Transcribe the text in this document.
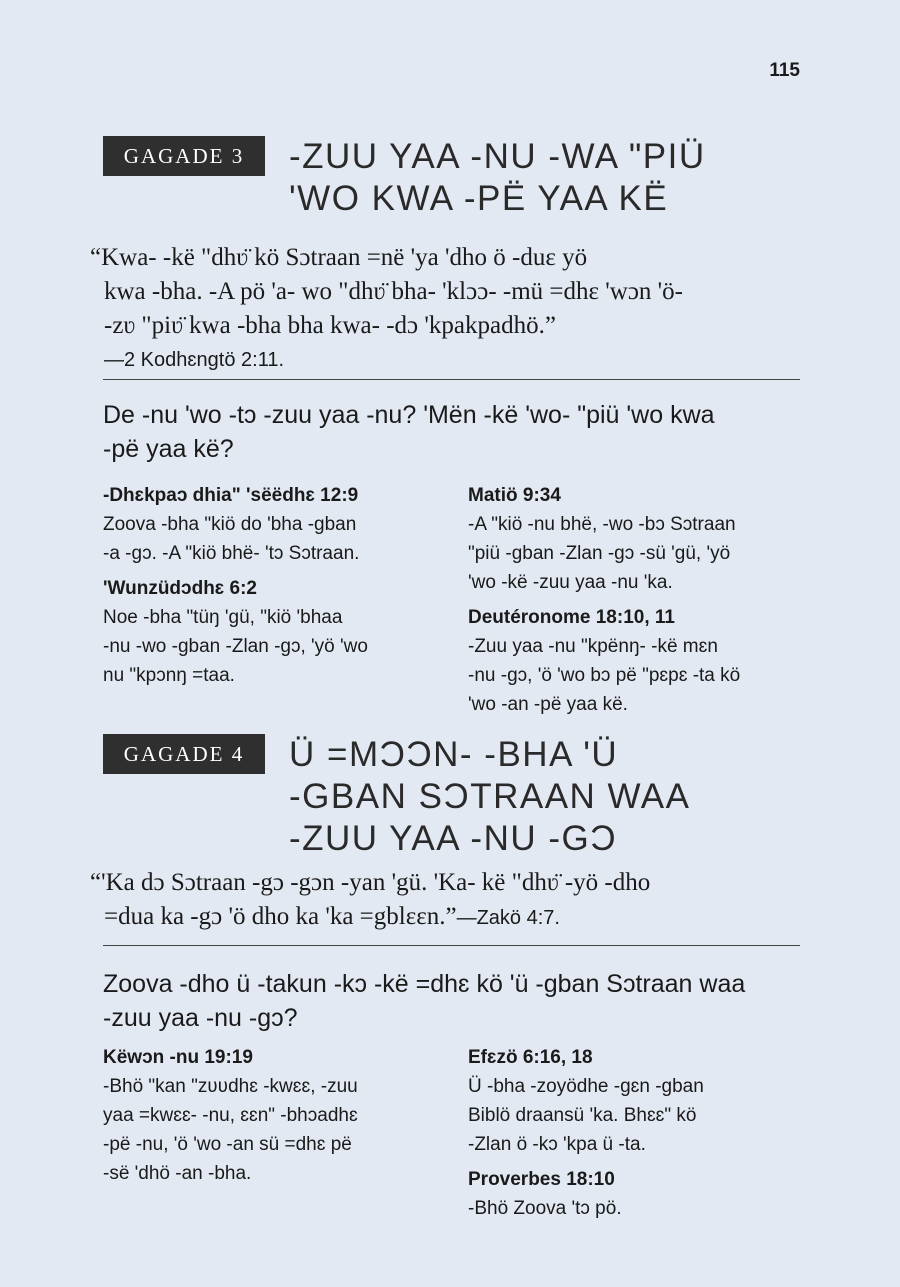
115
GAGADE 3	-ZUU YAA -NU -WA "PIÜ
'WO KWA -PË YAA KË
“Kwa- -kë "dhʋ̈ kö Sɔtraan =në 'ya 'dho ö -duɛ yö
kwa -bha. -A pö 'a- wo "dhʋ̈ bha- 'klɔɔ- -mü =dhɛ 'wɔn 'ö-
-zʋ "piʋ̈ kwa -bha bha kwa- -dɔ 'kpakpadhö.”
—2 Kodhɛngtö 2:11.
De -nu 'wo -tɔ -zuu yaa -nu? 'Mën -kë 'wo- "piü 'wo kwa
-pë yaa kë?
-Dhɛkpaɔ dhia" 'sëëdhɛ 12:9
Zoova -bha "kiö do 'bha -gban
-a -gɔ. -A "kiö bhë- 'tɔ Sɔtraan.
'Wunzüdɔdhɛ 6:2
Noe -bha "tüŋ 'gü, "kiö 'bhaa
-nu -wo -gban -Zlan -gɔ, 'yö 'wo
nu "kpɔnŋ =taa.
Matiö 9:34
-A "kiö -nu bhë, -wo -bɔ Sɔtraan
"piü -gban -Zlan -gɔ -sü 'gü, 'yö
'wo -kë -zuu yaa -nu 'ka.
Deutéronome 18:10, 11
-Zuu yaa -nu "kpënŋ- -kë mɛn
-nu -gɔ, 'ö 'wo bɔ pë "pɛpɛ -ta kö
'wo -an -pë yaa kë.
GAGADE 4	Ü =MƆƆN- -BHA 'Ü
-GBAN SƆTRAAN WAA
-ZUU YAA -NU -GƆ
“'Ka dɔ Sɔtraan -gɔ -gɔn -yan 'gü. 'Ka- kë "dhʋ̈ -yö -dho
=dua ka -gɔ 'ö dho ka 'ka =gblɛɛn.”—Zakö 4:7.
Zoova -dho ü -takun -kɔ -kë =dhɛ kö 'ü -gban Sɔtraan waa
-zuu yaa -nu -gɔ?
Këwɔn -nu 19:19
-Bhö "kan "zʋʋdhɛ -kwɛɛ, -zuu
yaa =kwɛɛ- -nu, ɛɛn" -bhɔadhɛ
-pë -nu, 'ö 'wo -an sü =dhɛ pë
-së 'dhö -an -bha.
Efɛzö 6:16, 18
Ü -bha -zoyödhe -gɛn -gban
Biblö draansü 'ka. Bhɛɛ" kö
-Zlan ö -kɔ 'kpa ü -ta.
Proverbes 18:10
-Bhö Zoova 'tɔ pö.
